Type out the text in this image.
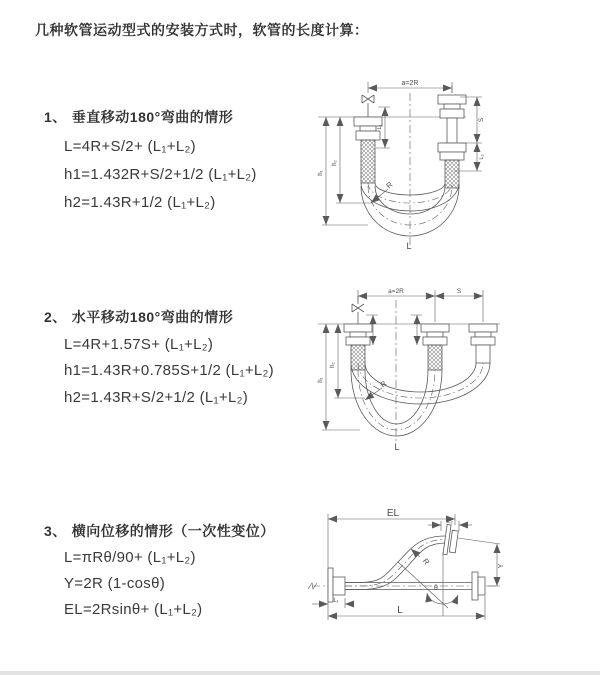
几种软管运动型式的安装方式时，软管的长度计算：
1、 垂直移动180°弯曲的情形
L=4R+S/2+ (L₁+L₂)
h1=1.432R+S/2+1/2 (L₁+L₂)
h2=1.43R+1/2 (L₁+L₂)
2、 水平移动180°弯曲的情形
L=4R+1.57S+ (L₁+L₂)
h1=1.43R+0.785S+1/2 (L₁+L₂)
h2=1.43R+S/2+1/2 (L₁+L₂)
3、 横向位移的情形（一次性变位）
L=πRθ/90+ (L₁+L₂)
Y=2R (1-cosθ)
EL=2Rsinθ+ (L₁+L₂)
a=2R
L₁
S
L₂
h₁
h₂
R
L
a=2R	S
h₁
h₂
R
L
EL
L₂
Y
L
L₁
R
θ
